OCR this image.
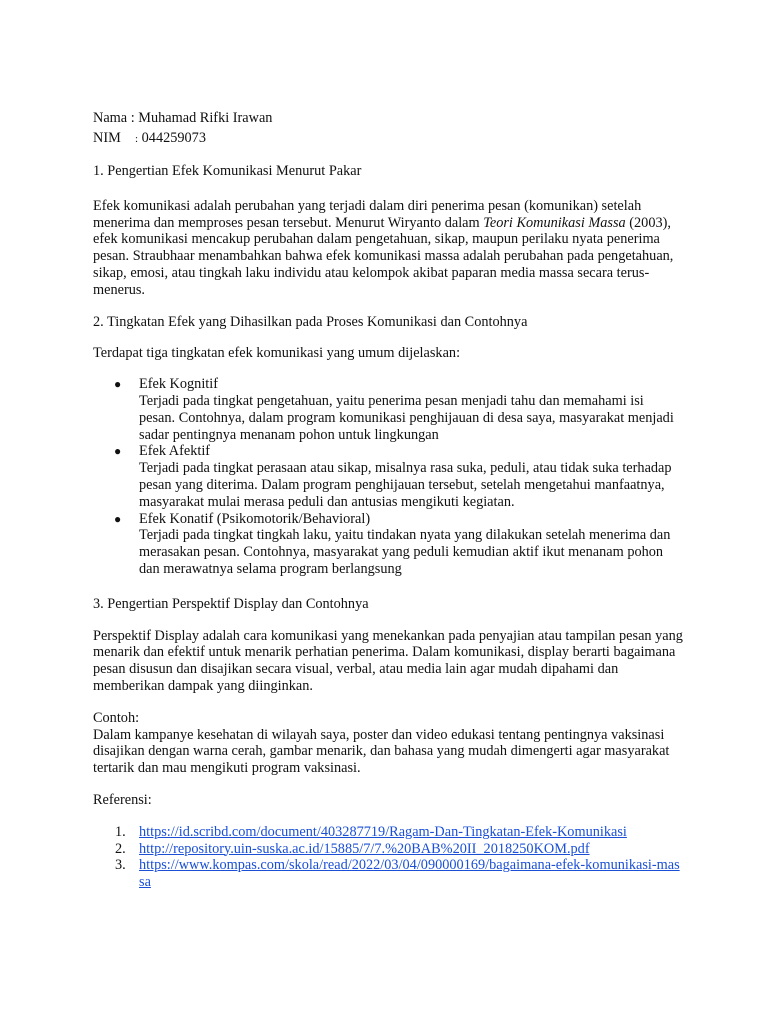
Nama : Muhamad Rifki Irawan
NIM : 044259073

1. Pengertian Efek Komunikasi Menurut Pakar

Efek komunikasi adalah perubahan yang terjadi dalam diri penerima pesan (komunikan) setelah menerima dan memproses pesan tersebut. Menurut Wiryanto dalam Teori Komunikasi Massa (2003), efek komunikasi mencakup perubahan dalam pengetahuan, sikap, maupun perilaku nyata penerima pesan. Straubhaar menambahkan bahwa efek komunikasi massa adalah perubahan pada pengetahuan, sikap, emosi, atau tingkah laku individu atau kelompok akibat paparan media massa secara terus-menerus.

2. Tingkatan Efek yang Dihasilkan pada Proses Komunikasi dan Contohnya

Terdapat tiga tingkatan efek komunikasi yang umum dijelaskan:

● Efek Kognitif
Terjadi pada tingkat pengetahuan, yaitu penerima pesan menjadi tahu dan memahami isi pesan. Contohnya, dalam program komunikasi penghijauan di desa saya, masyarakat menjadi sadar pentingnya menanam pohon untuk lingkungan
● Efek Afektif
Terjadi pada tingkat perasaan atau sikap, misalnya rasa suka, peduli, atau tidak suka terhadap pesan yang diterima. Dalam program penghijauan tersebut, setelah mengetahui manfaatnya, masyarakat mulai merasa peduli dan antusias mengikuti kegiatan.
● Efek Konatif (Psikomotorik/Behavioral)
Terjadi pada tingkat tingkah laku, yaitu tindakan nyata yang dilakukan setelah menerima dan merasakan pesan. Contohnya, masyarakat yang peduli kemudian aktif ikut menanam pohon dan merawatnya selama program berlangsung

3. Pengertian Perspektif Display dan Contohnya

Perspektif Display adalah cara komunikasi yang menekankan pada penyajian atau tampilan pesan yang menarik dan efektif untuk menarik perhatian penerima. Dalam komunikasi, display berarti bagaimana pesan disusun dan disajikan secara visual, verbal, atau media lain agar mudah dipahami dan memberikan dampak yang diinginkan.

Contoh:

Dalam kampanye kesehatan di wilayah saya, poster dan video edukasi tentang pentingnya vaksinasi disajikan dengan warna cerah, gambar menarik, dan bahasa yang mudah dimengerti agar masyarakat tertarik dan mau mengikuti program vaksinasi.

Referensi:

1. https://id.scribd.com/document/403287719/Ragam-Dan-Tingkatan-Efek-Komunikasi
2. http://repository.uin-suska.ac.id/15885/7/7.%20BAB%20II_2018250KOM.pdf
3. https://www.kompas.com/skola/read/2022/03/04/090000169/bagaimana-efek-komunikasi-massa
